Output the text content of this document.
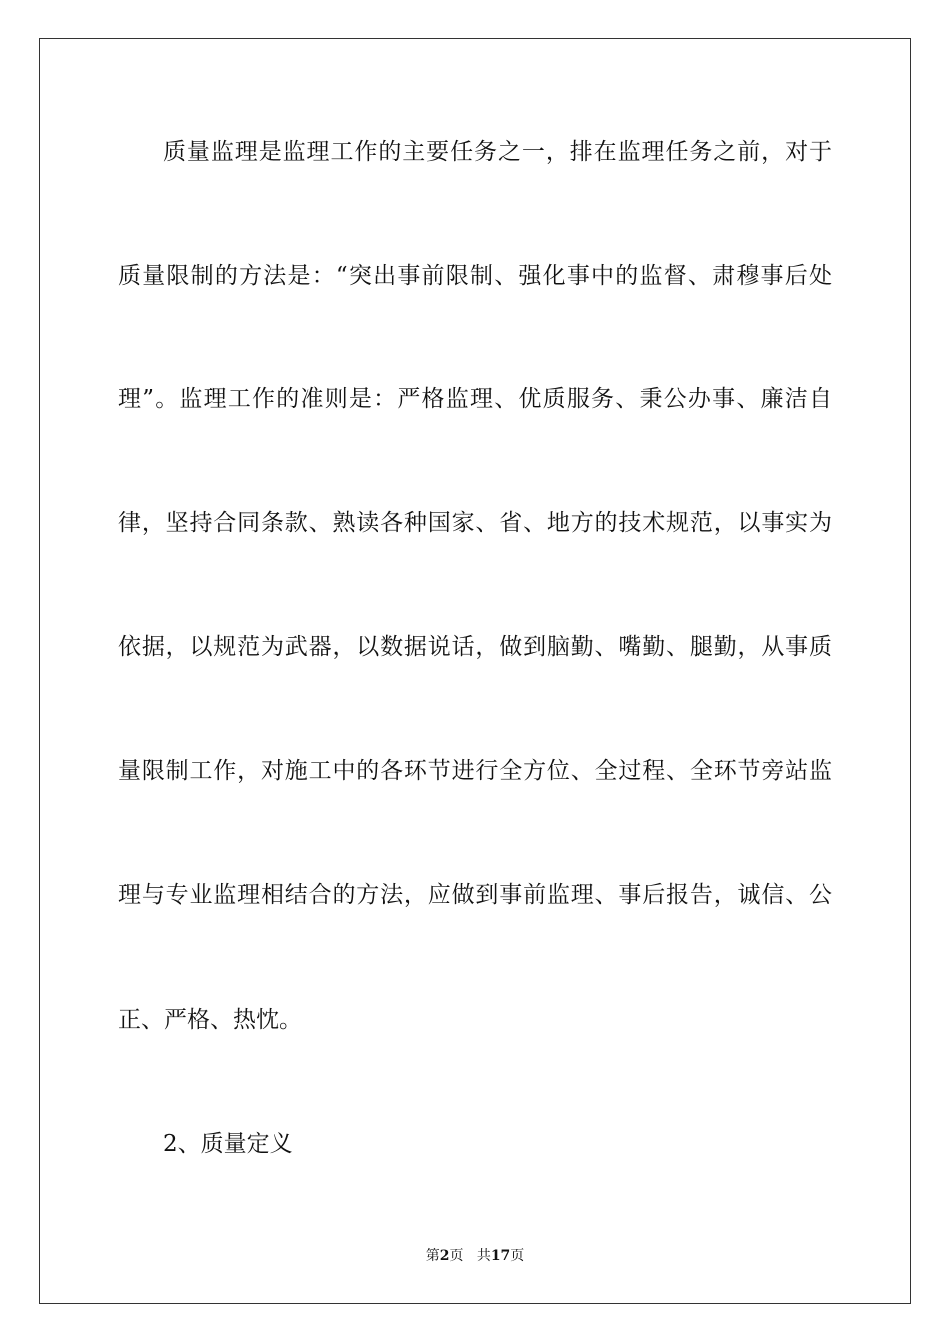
质量监理是监理工作的主要任务之一，排在监理任务之前，对于
质量限制的方法是：“突出事前限制、强化事中的监督、肃穆事后处
理”。监理工作的准则是：严格监理、优质服务、秉公办事、廉洁自
律，坚持合同条款、熟读各种国家、省、地方的技术规范，以事实为
依据，以规范为武器，以数据说话，做到脑勤、嘴勤、腿勤，从事质
量限制工作，对施工中的各环节进行全方位、全过程、全环节旁站监
理与专业监理相结合的方法，应做到事前监理、事后报告，诚信、公
正、严格、热忱。
2、质量定义
第2页 共17页
